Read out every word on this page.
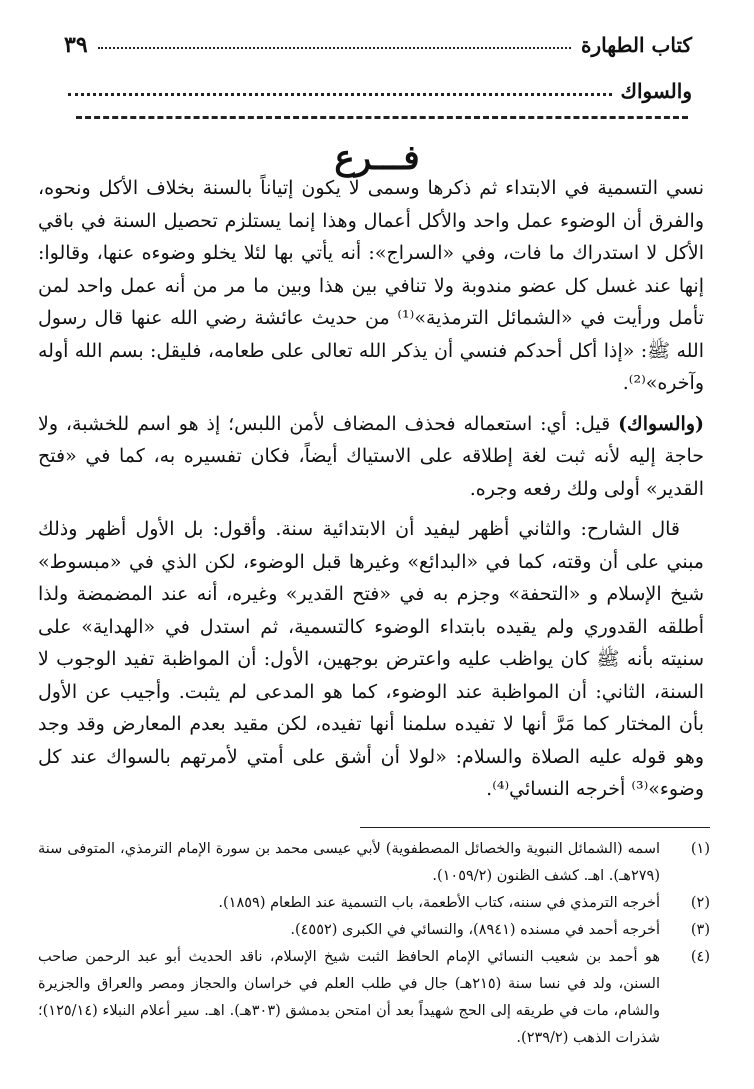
كتاب الطهارة
٣٩
والسواك
فـــرع

نسي التسمية في الابتداء ثم ذكرها وسمى لا يكون إتياناً بالسنة بخلاف الأكل ونحوه، والفرق أن الوضوء عمل واحد والأكل أعمال وهذا إنما يستلزم تحصيل السنة في باقي الأكل لا استدراك ما فات، وفي «السراج»: أنه يأتي بها لئلا يخلو وضوءه عنها، وقالوا: إنها عند غسل كل عضو مندوبة ولا تنافي بين هذا وبين ما مر من أنه عمل واحد لمن تأمل ورأيت في «الشمائل الترمذية»⁽¹⁾ من حديث عائشة رضي الله عنها قال رسول الله ﷺ: «إذا أكل أحدكم فنسي أن يذكر الله تعالى على طعامه، فليقل: بسم الله أوله وآخره»⁽²⁾.

(والسواك) قيل: أي: استعماله فحذف المضاف لأمن اللبس؛ إذ هو اسم للخشبة، ولا حاجة إليه لأنه ثبت لغة إطلاقه على الاستياك أيضاً، فكان تفسيره به، كما في «فتح القدير» أولى ولك رفعه وجره.

قال الشارح: والثاني أظهر ليفيد أن الابتدائية سنة. وأقول: بل الأول أظهر وذلك مبني على أن وقته، كما في «البدائع» وغيرها قبل الوضوء، لكن الذي في «مبسوط» شيخ الإسلام و «التحفة» وجزم به في «فتح القدير» وغيره، أنه عند المضمضة ولذا أطلقه القدوري ولم يقيده بابتداء الوضوء كالتسمية، ثم استدل في «الهداية» على سنيته بأنه ﷺ كان يواظب عليه واعترض بوجهين، الأول: أن المواظبة تفيد الوجوب لا السنة، الثاني: أن المواظبة عند الوضوء، كما هو المدعى لم يثبت. وأجيب عن الأول بأن المختار كما مَرَّ أنها لا تفيده سلمنا أنها تفيده، لكن مقيد بعدم المعارض وقد وجد وهو قوله عليه الصلاة والسلام: «لولا أن أشق على أمتي لأمرتهم بالسواك عند كل وضوء»⁽³⁾ أخرجه النسائي⁽⁴⁾.

(١)
اسمه (الشمائل النبوية والخصائل المصطفوية) لأبي عيسى محمد بن سورة الإمام الترمذي، المتوفى سنة (٢٧٩هـ). اهـ. كشف الظنون (١٠٥٩/٢).
(٢)
أخرجه الترمذي في سننه، كتاب الأطعمة، باب التسمية عند الطعام (١٨٥٩).
(٣)
أخرجه أحمد في مسنده (٨٩٤١)، والنسائي في الكبرى (٤٥٥٢).
(٤)
هو أحمد بن شعيب النسائي الإمام الحافظ الثبت شيخ الإسلام، ناقد الحديث أبو عبد الرحمن صاحب السنن، ولد في نسا سنة (٢١٥هـ) جال في طلب العلم في خراسان والحجاز ومصر والعراق والجزيرة والشام، مات في طريقه إلى الحج شهيداً بعد أن امتحن بدمشق (٣٠٣هـ). اهـ. سير أعلام النبلاء (١٢٥/١٤)؛ شذرات الذهب (٢٣٩/٢).
